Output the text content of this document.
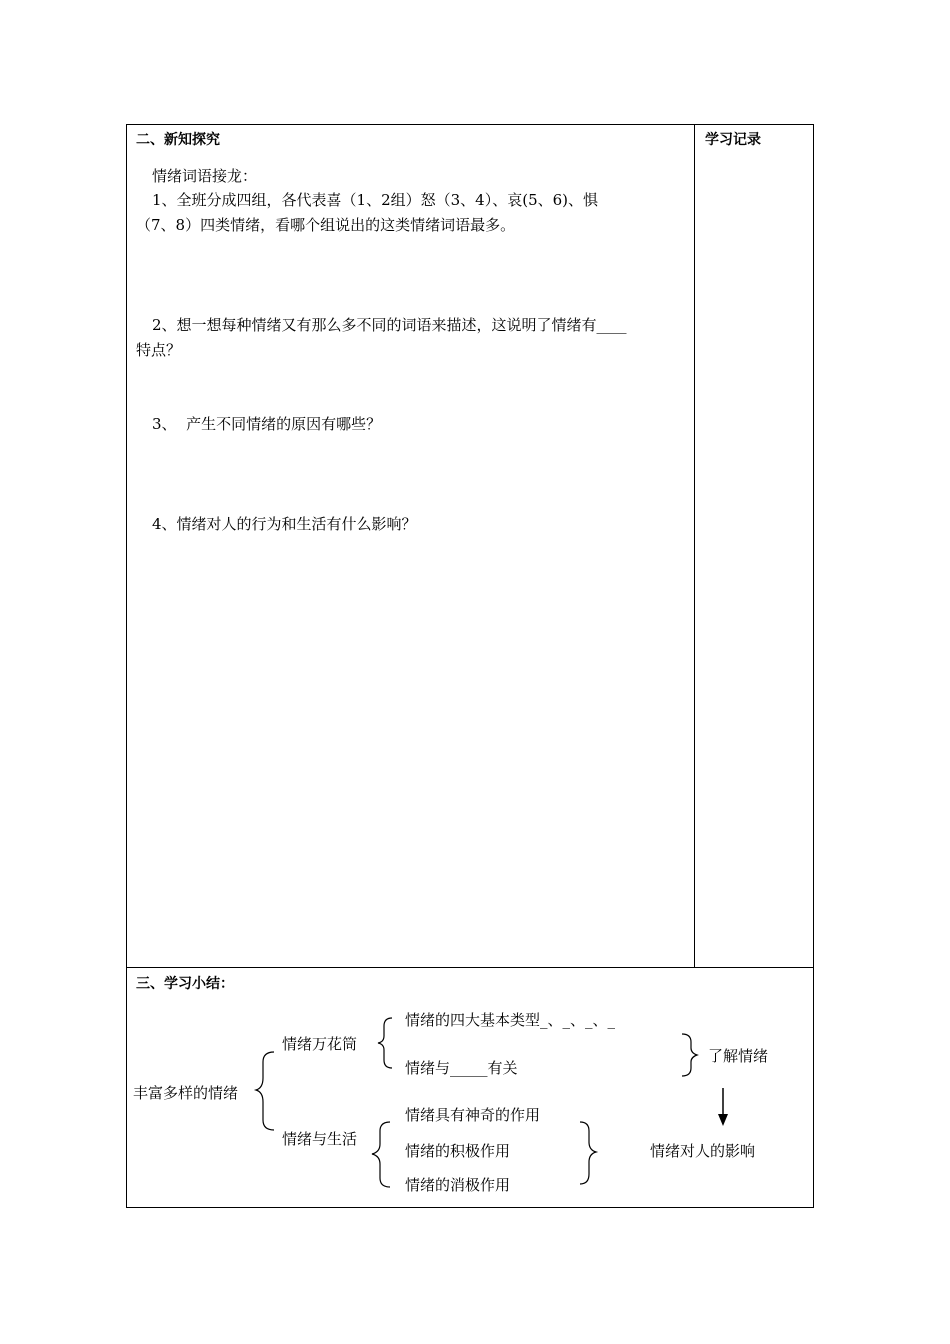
二、新知探究
情绪词语接龙：
1、全班分成四组，各代表喜（1、2组）怒（3、4）、哀(5、6)、惧
（7、8）四类情绪，看哪个组说出的这类情绪词语最多。
2、想一想每种情绪又有那么多不同的词语来描述，这说明了情绪有____
特点？
3、  产生不同情绪的原因有哪些？
4、情绪对人的行为和生活有什么影响？
学习记录
三、学习小结：
丰富多样的情绪
情绪万花筒
情绪的四大基本类型_、_、_、_
情绪与_____有关
情绪与生活
情绪具有神奇的作用
情绪的积极作用
情绪的消极作用
了解情绪
情绪对人的影响
